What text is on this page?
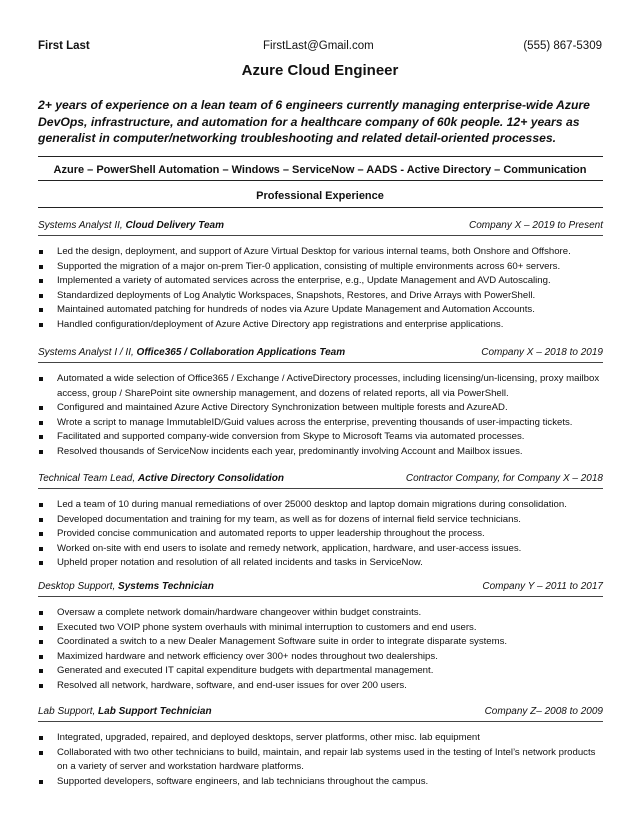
First Last	FirstLast@Gmail.com	(555) 867-5309
Azure Cloud Engineer
2+ years of experience on a lean team of 6 engineers currently managing enterprise-wide Azure DevOps, infrastructure, and automation for a healthcare company of 60k people. 12+ years as generalist in computer/networking troubleshooting and related detail-oriented processes.
Azure – PowerShell Automation – Windows – ServiceNow – AADS - Active Directory – Communication
Professional Experience
Systems Analyst II, Cloud Delivery Team	Company X – 2019 to Present
Led the design, deployment, and support of Azure Virtual Desktop for various internal teams, both Onshore and Offshore.
Supported the migration of a major on-prem Tier-0 application, consisting of multiple environments across 60+ servers.
Implemented a variety of automated services across the enterprise, e.g., Update Management and AVD Autoscaling.
Standardized deployments of Log Analytic Workspaces, Snapshots, Restores, and Drive Arrays with PowerShell.
Maintained automated patching for hundreds of nodes via Azure Update Management and Automation Accounts.
Handled configuration/deployment of Azure Active Directory app registrations and enterprise applications.
Systems Analyst I / II, Office365 / Collaboration Applications Team	Company X – 2018 to 2019
Automated a wide selection of Office365 / Exchange / ActiveDirectory processes, including licensing/un-licensing, proxy mailbox access, group / SharePoint site ownership management, and dozens of related reports, all via PowerShell.
Configured and maintained Azure Active Directory Synchronization between multiple forests and AzureAD.
Wrote a script to manage ImmutableID/Guid values across the enterprise, preventing thousands of user-impacting tickets.
Facilitated and supported company-wide conversion from Skype to Microsoft Teams via automated processes.
Resolved thousands of ServiceNow incidents each year, predominantly involving Account and Mailbox issues.
Technical Team Lead, Active Directory Consolidation	Contractor Company, for Company X – 2018
Led a team of 10 during manual remediations of over 25000 desktop and laptop domain migrations during consolidation.
Developed documentation and training for my team, as well as for dozens of internal field service technicians.
Provided concise communication and automated reports to upper leadership throughout the process.
Worked on-site with end users to isolate and remedy network, application, hardware, and user-access issues.
Upheld proper notation and resolution of all related incidents and tasks in ServiceNow.
Desktop Support, Systems Technician	Company Y – 2011 to 2017
Oversaw a complete network domain/hardware changeover within budget constraints.
Executed two VOIP phone system overhauls with minimal interruption to customers and end users.
Coordinated a switch to a new Dealer Management Software suite in order to integrate disparate systems.
Maximized hardware and network efficiency over 300+ nodes throughout two dealerships.
Generated and executed IT capital expenditure budgets with departmental management.
Resolved all network, hardware, software, and end-user issues for over 200 users.
Lab Support, Lab Support Technician	Company Z– 2008 to 2009
Integrated, upgraded, repaired, and deployed desktops, server platforms, other misc. lab equipment
Collaborated with two other technicians to build, maintain, and repair lab systems used in the testing of Intel’s network products on a variety of server and workstation hardware platforms.
Supported developers, software engineers, and lab technicians throughout the campus.
